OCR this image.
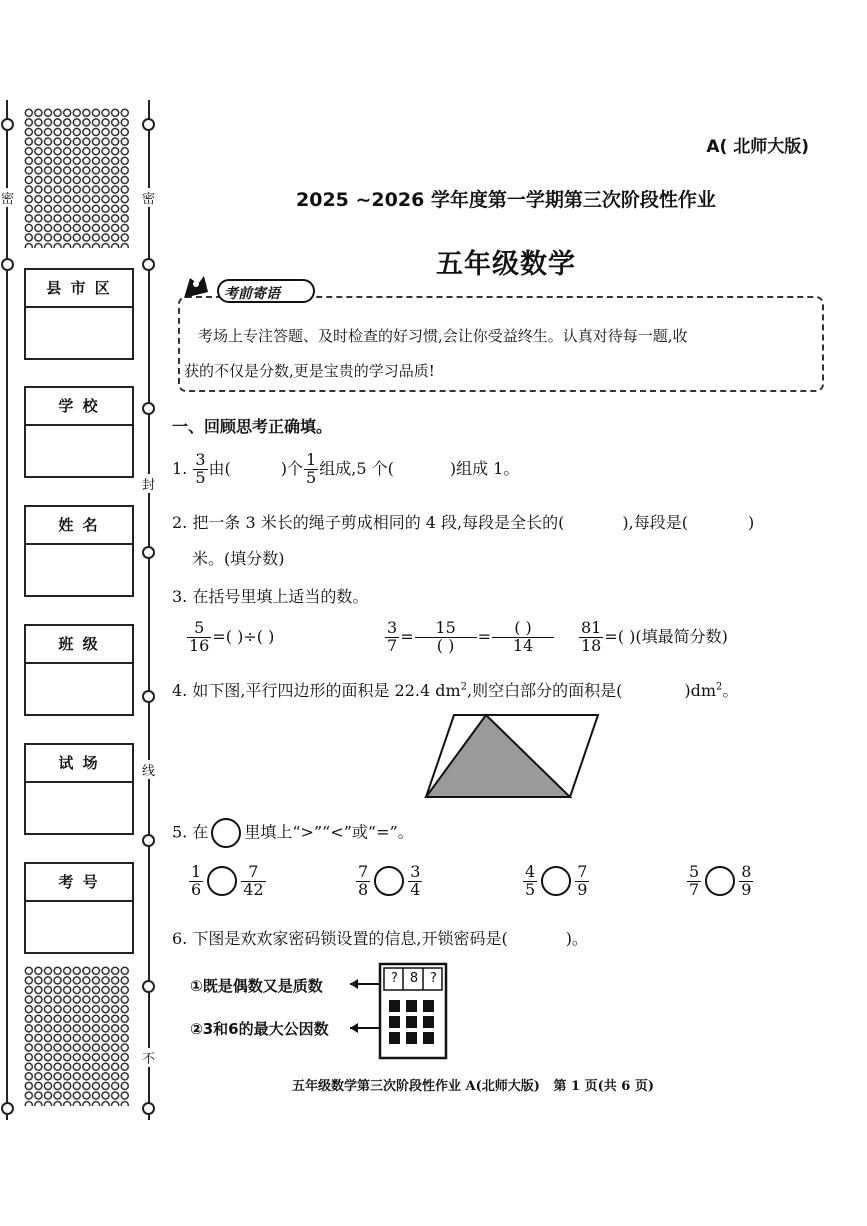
密
封
线
不
密
县 市 区
学 校
姓 名
班 级
试 场
考 号
A( 北师大版)
2025 ~2026 学年度第一学期第三次阶段性作业
五年级数学
考前寄语
考场上专注答题、及时检查的好习惯,会让你受益终生。认真对待每一题,收
获的不仅是分数,更是宝贵的学习品质!
一、回顾思考正确填。
1. $\frac{3}{5}$ 由(	)个 $\frac{1}{5}$ 组成,5 个(	)组成 1。
2. 把一条 3 米长的绳子剪成相同的 4 段,每段是全长的(	),每段是(	)
米。(填分数)
3. 在括号里填上适当的数。
$\frac{5}{16}$ =( )÷( )	$\frac{3}{7} = \frac{15}{( )} = \frac{( )}{14} \frac{81}{18}$ =( )(填最简分数)
4. 如下图,平行四边形的面积是 22.4 $dm^2$,则空白部分的面积是(	)$dm^2$。
5. 在 里填上“>”“<”或“=”。
$\frac{1}{6} \frac{7}{42}$	$\frac{7}{8} \frac{3}{4}$	$\frac{4}{5} \frac{7}{9}$	$\frac{5}{7} \frac{8}{9}$
6. 下图是欢欢家密码锁设置的信息,开锁密码是(	)。
①既是偶数又是质数
②3和6的最大公因数
? 8 ?
五年级数学第三次阶段性作业 A(北师大版)   第 1 页(共 6 页)
